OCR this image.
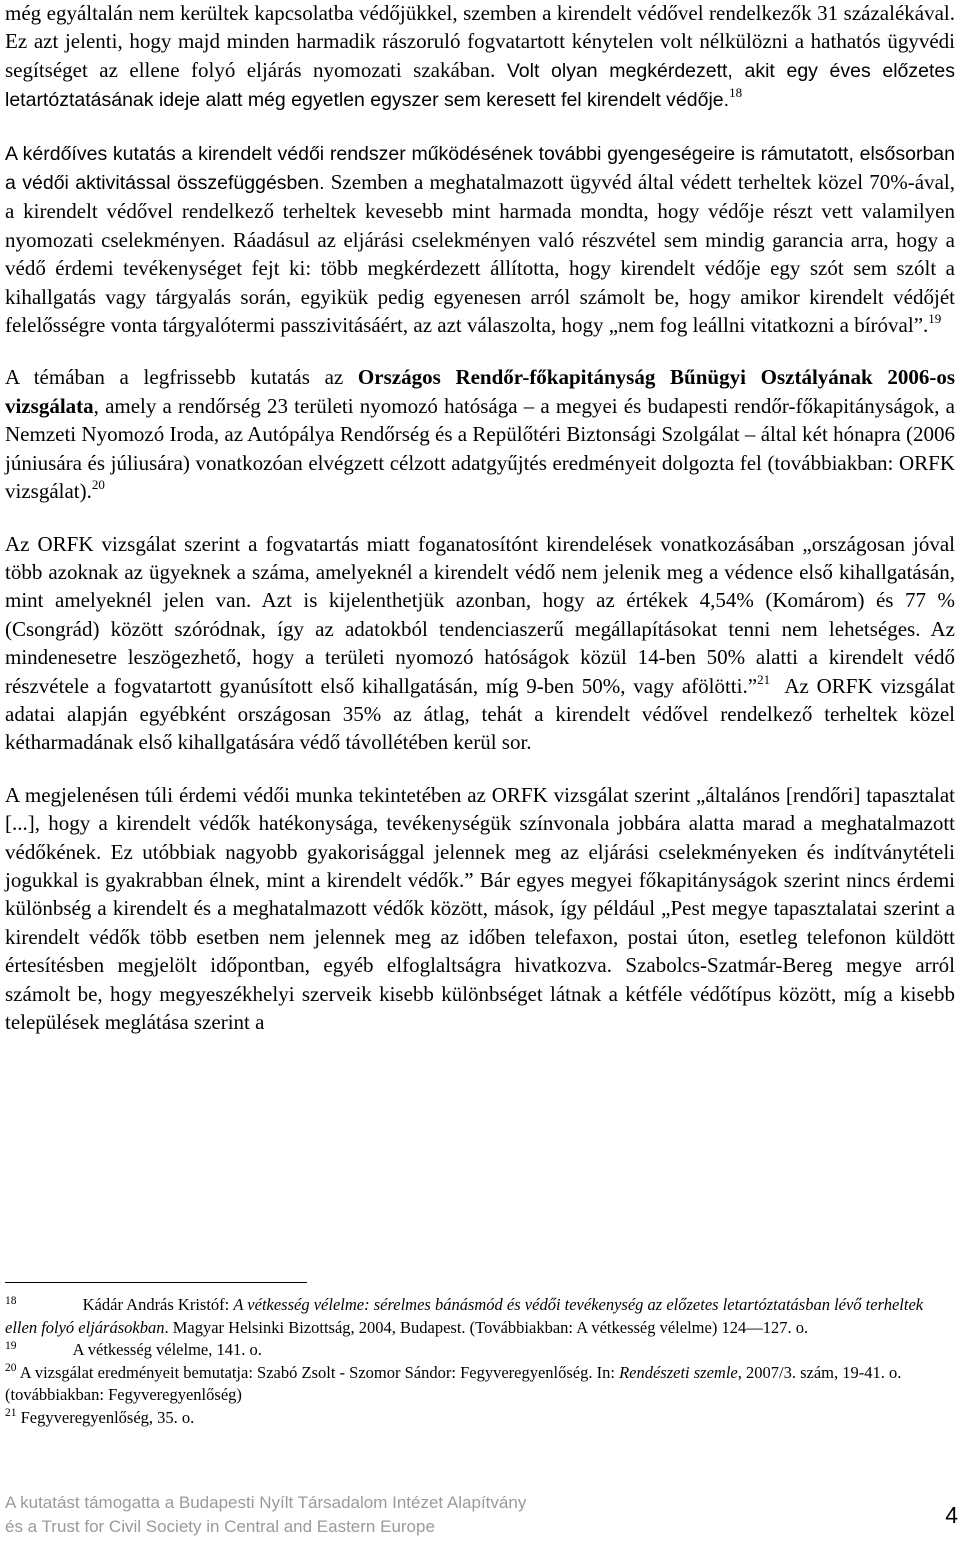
még egyáltalán nem kerültek kapcsolatba védőjükkel, szemben a kirendelt védővel rendelkezők 31 százalékával. Ez azt jelenti, hogy majd minden harmadik rászoruló fogvatartott kénytelen volt nélkülözni a hathatós ügyvédi segítséget az ellene folyó eljárás nyomozati szakában. Volt olyan megkérdezett, akit egy éves előzetes letartóztatásának ideje alatt még egyetlen egyszer sem keresett fel kirendelt védője.$^{18}$

A kérdőíves kutatás a kirendelt védői rendszer működésének további gyengeségeire is rámutatott, elsősorban a védői aktivitással összefüggésben. Szemben a meghatalmazott ügyvéd által védett terheltek közel 70%-ával, a kirendelt védővel rendelkező terheltek kevesebb mint harmada mondta, hogy védője részt vett valamilyen nyomozati cselekményen. Ráadásul az eljárási cselekményen való részvétel sem mindig garancia arra, hogy a védő érdemi tevékenységet fejt ki: több megkérdezett állította, hogy kirendelt védője egy szót sem szólt a kihallgatás vagy tárgyalás során, egyikük pedig egyenesen arról számolt be, hogy amikor kirendelt védőjét felelősségre vonta tárgyalótermi passzivitásáért, az azt válaszolta, hogy „nem fog leállni vitatkozni a bíróval”.$^{19}$

A témában a legfrissebb kutatás az Országos Rendőr-főkapitányság Bűnügyi Osztályának 2006-os vizsgálata, amely a rendőrség 23 területi nyomozó hatósága – a megyei és budapesti rendőr-főkapitányságok, a Nemzeti Nyomozó Iroda, az Autópálya Rendőrség és a Repülőtéri Biztonsági Szolgálat – által két hónapra (2006 júniusára és júliusára) vonatkozóan elvégzett célzott adatgyűjtés eredményeit dolgozta fel (továbbiakban: ORFK vizsgálat).$^{20}$

Az ORFK vizsgálat szerint a fogvatartás miatt foganatosítónt kirendelések vonatkozásában „országosan jóval több azoknak az ügyeknek a száma, amelyeknél a kirendelt védő nem jelenik meg a védence első kihallgatásán, mint amelyeknél jelen van. Azt is kijelenthetjük azonban, hogy az értékek 4,54% (Komárom) és 77 % (Csongrád) között szóródnak, így az adatokból tendenciaszerű megállapításokat tenni nem lehetséges. Az mindenesetre leszögezhető, hogy a területi nyomozó hatóságok közül 14-ben 50% alatti a kirendelt védő részvétele a fogvatartott gyanúsított első kihallgatásán, míg 9-ben 50%, vagy afölötti.”$^{21}$ Az ORFK vizsgálat adatai alapján egyébként országosan 35% az átlag, tehát a kirendelt védővel rendelkező terheltek közel kétharmadának első kihallgatására védő távollétében kerül sor.

A megjelenésen túli érdemi védői munka tekintetében az ORFK vizsgálat szerint „általános [rendőri] tapasztalat [...], hogy a kirendelt védők hatékonysága, tevékenységük színvonala jobbára alatta marad a meghatalmazott védőkének. Ez utóbbiak nagyobb gyakorisággal jelennek meg az eljárási cselekményeken és indítványtételi jogukkal is gyakrabban élnek, mint a kirendelt védők.” Bár egyes megyei főkapitányságok szerint nincs érdemi különbség a kirendelt és a meghatalmazott védők között, mások, így például „Pest megye tapasztalatai szerint a kirendelt védők több esetben nem jelennek meg az időben telefaxon, postai úton, esetleg telefonon küldött értesítésben megjelölt időpontban, egyéb elfoglaltságra hivatkozva. Szabolcs-Szatmár-Bereg megye arról számolt be, hogy megyeszékhelyi szerveik kisebb különbséget látnak a kétféle védőtípus között, míg a kisebb települések meglátása szerint a

$^{18}$	Kádár András Kristóf: A vétkesség vélelme: sérelmes bánásmód és védői tevékenység az előzetes letartóztatásban lévő terheltek ellen folyó eljárásokban. Magyar Helsinki Bizottság, 2004, Budapest. (Továbbiakban: A vétkesség vélelme) 124—127. o.

$^{19}$	A vétkesség vélelme, 141. o.

$^{20}$ A vizsgálat eredményeit bemutatja: Szabó Zsolt - Szomor Sándor: Fegyveregyenlőség. In: Rendészeti szemle, 2007/3. szám, 19-41. o. (továbbiakban: Fegyveregyenlőség)

$^{21}$ Fegyveregyenlőség, 35. o.

A kutatást támogatta a Budapesti Nyílt Társadalom Intézet Alapítvány
és a Trust for Civil Society in Central and Eastern Europe	4
